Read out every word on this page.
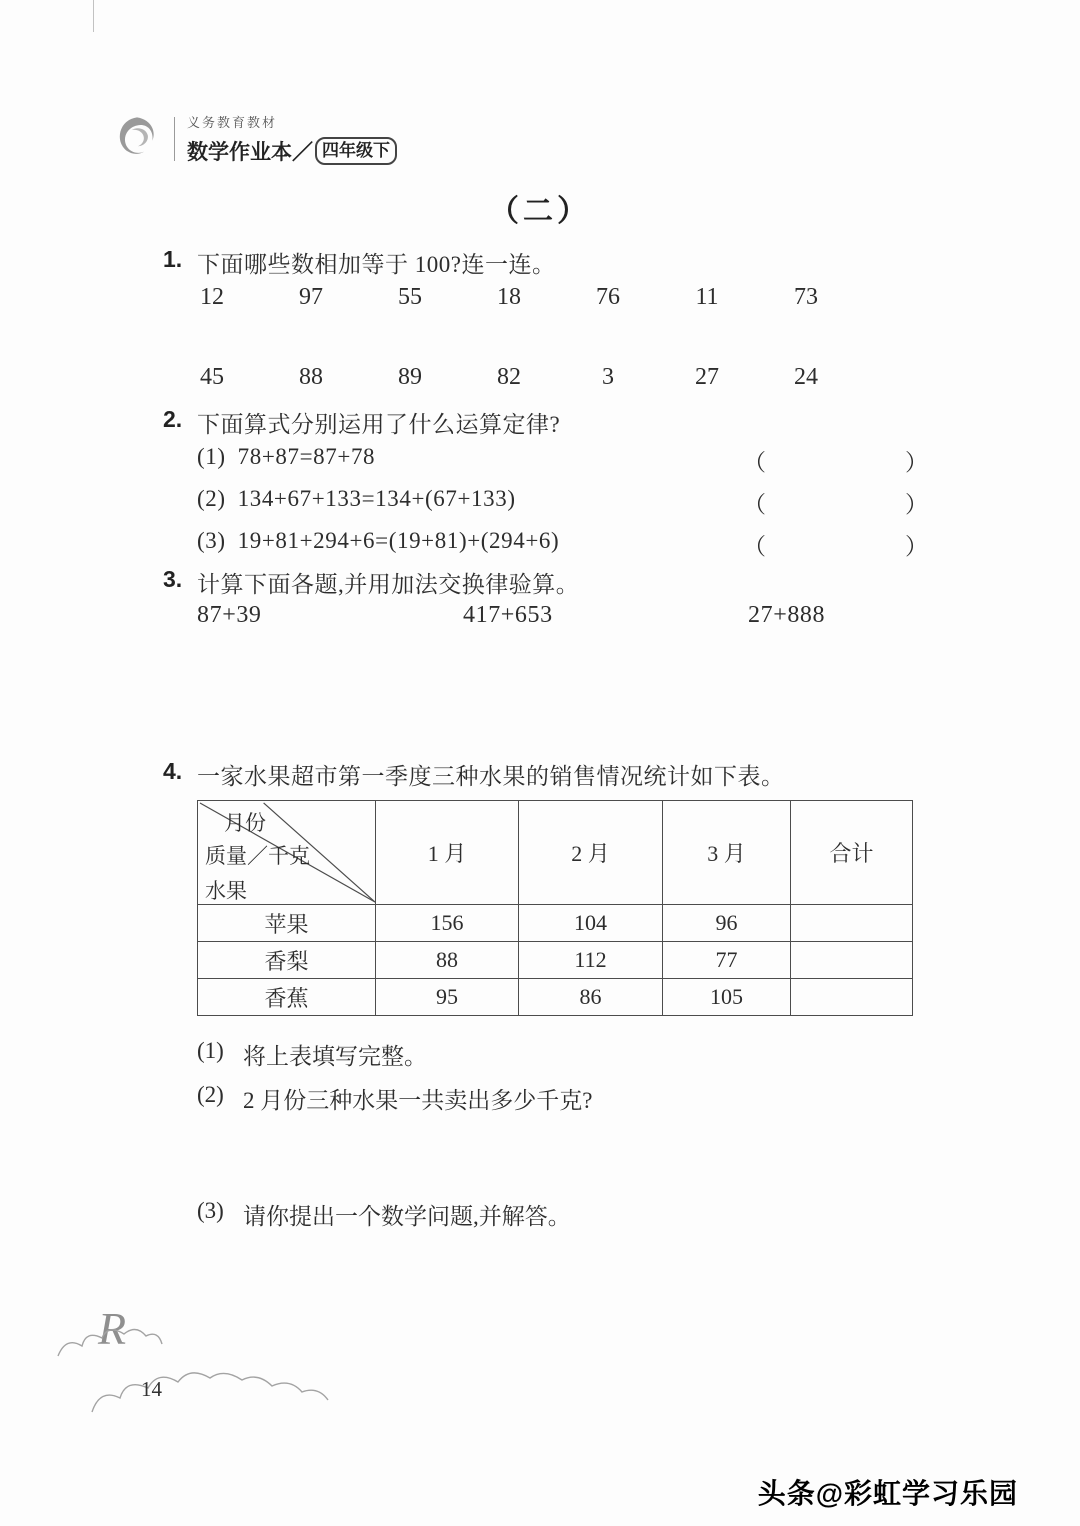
义务教育教材
数学作业本／ 四年级下
（二）
1. 下面哪些数相加等于 100?连一连。
12	97	55	18	76	11	73
45	88	89	82	3	27	24
2. 下面算式分别运用了什么运算定律?
(1) 78+87=87+78	（	）
(2) 134+67+133=134+(67+133)	（	）
(3) 19+81+294+6=(19+81)+(294+6)	（	）
3. 计算下面各题,并用加法交换律验算。
87+39	417+653	27+888
4. 一家水果超市第一季度三种水果的销售情况统计如下表。
月份
质量／千克
水果	1 月	2 月	3 月	合计
苹果	156	104	96	
香梨	88	112	77	
香蕉	95	86	105	
(1) 将上表填写完整。
(2) 2 月份三种水果一共卖出多少千克?
(3) 请你提出一个数学问题,并解答。
R
14
头条@彩虹学习乐园
